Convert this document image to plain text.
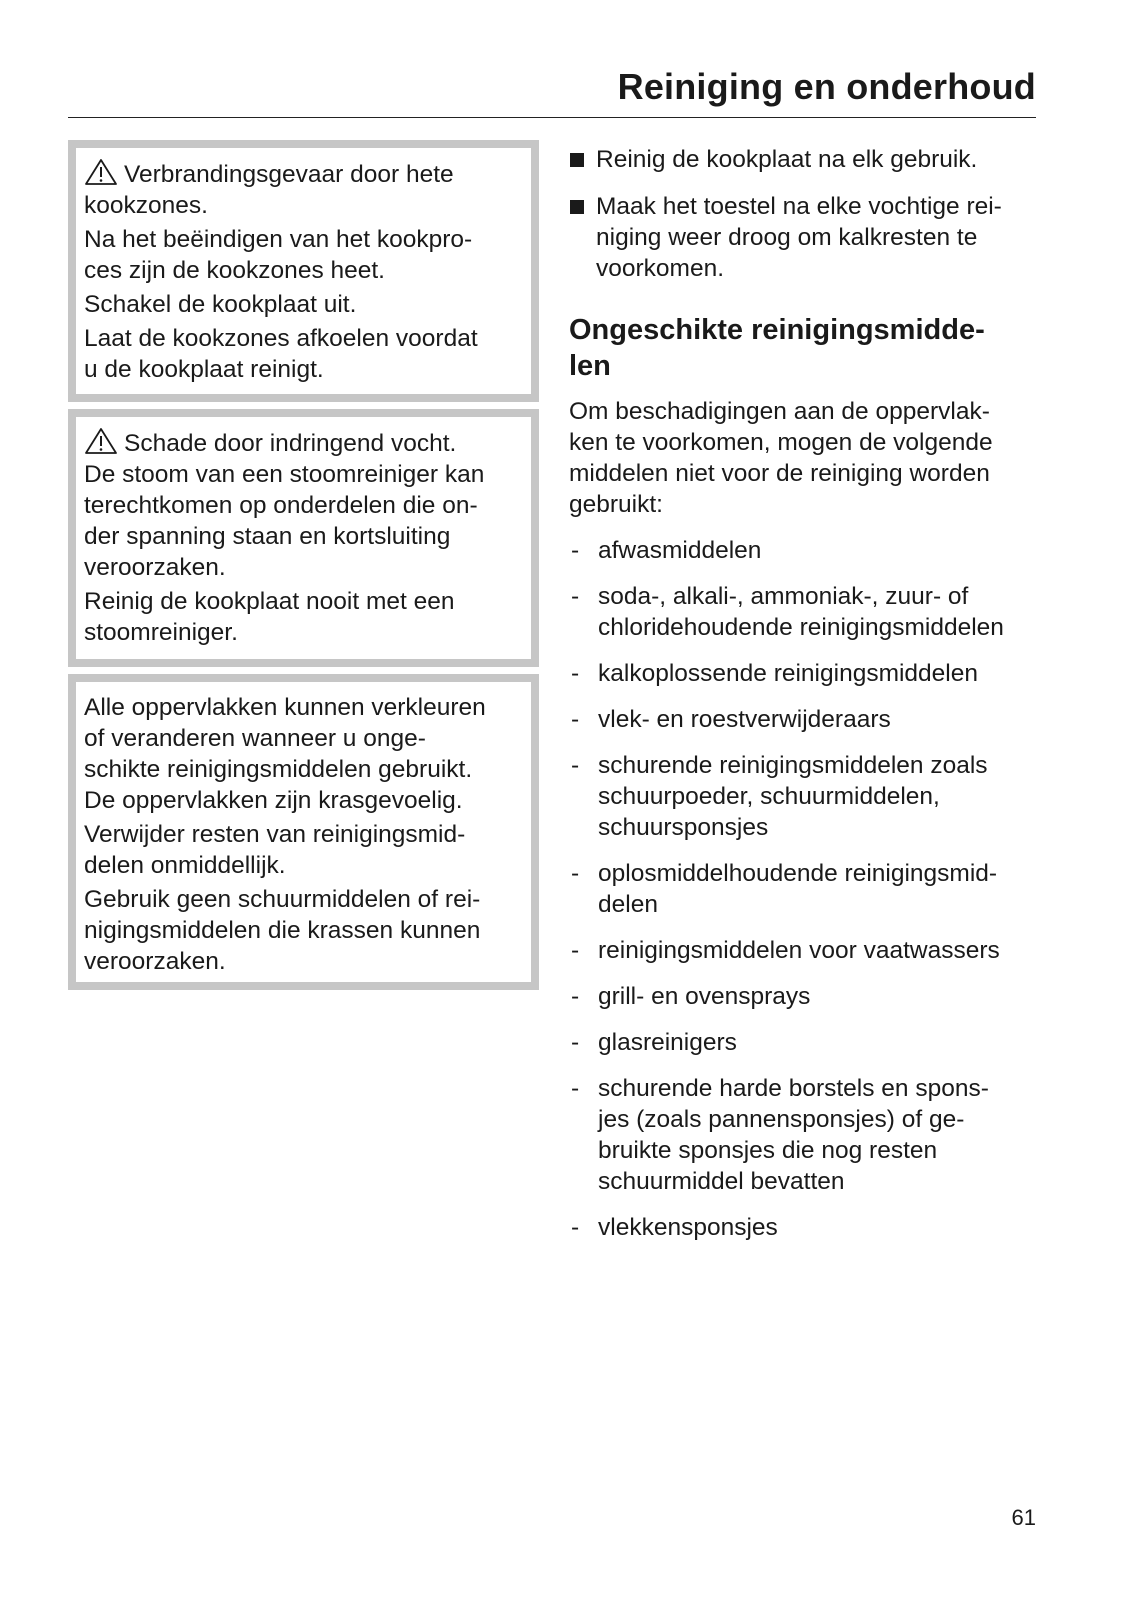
Reiniging en onderhoud

Verbrandingsgevaar door hete
kookzones.

Na het beëindigen van het kookpro-
ces zijn de kookzones heet.

Schakel de kookplaat uit.

Laat de kookzones afkoelen voordat
u de kookplaat reinigt.

Schade door indringend vocht.
De stoom van een stoomreiniger kan
terechtkomen op onderdelen die on-
der spanning staan en kortsluiting
veroorzaken.

Reinig de kookplaat nooit met een
stoomreiniger.

Alle oppervlakken kunnen verkleuren
of veranderen wanneer u onge-
schikte reinigingsmiddelen gebruikt.
De oppervlakken zijn krasgevoelig.

Verwijder resten van reinigingsmid-
delen onmiddellijk.

Gebruik geen schuurmiddelen of rei-
nigingsmiddelen die krassen kunnen
veroorzaken.

Reinig de kookplaat na elk gebruik.
Maak het toestel na elke vochtige rei-
niging weer droog om kalkresten te
voorkomen.
Ongeschikte reinigingsmidde-
len

Om beschadigingen aan de oppervlak-
ken te voorkomen, mogen de volgende
middelen niet voor de reiniging worden
gebruikt:

- afwasmiddelen
- soda-, alkali-, ammoniak-, zuur- of
chloridehoudende reinigingsmiddelen
- kalkoplossende reinigingsmiddelen
- vlek- en roestverwijderaars
- schurende reinigingsmiddelen zoals
schuurpoeder, schuurmiddelen,
schuursponsjes
- oplosmiddelhoudende reinigingsmid-
delen
- reinigingsmiddelen voor vaatwassers
- grill- en ovensprays
- glasreinigers
- schurende harde borstels en spons-
jes (zoals pannensponsjes) of ge-
bruikte sponsjes die nog resten
schuurmiddel bevatten
- vlekkensponsjes
61
